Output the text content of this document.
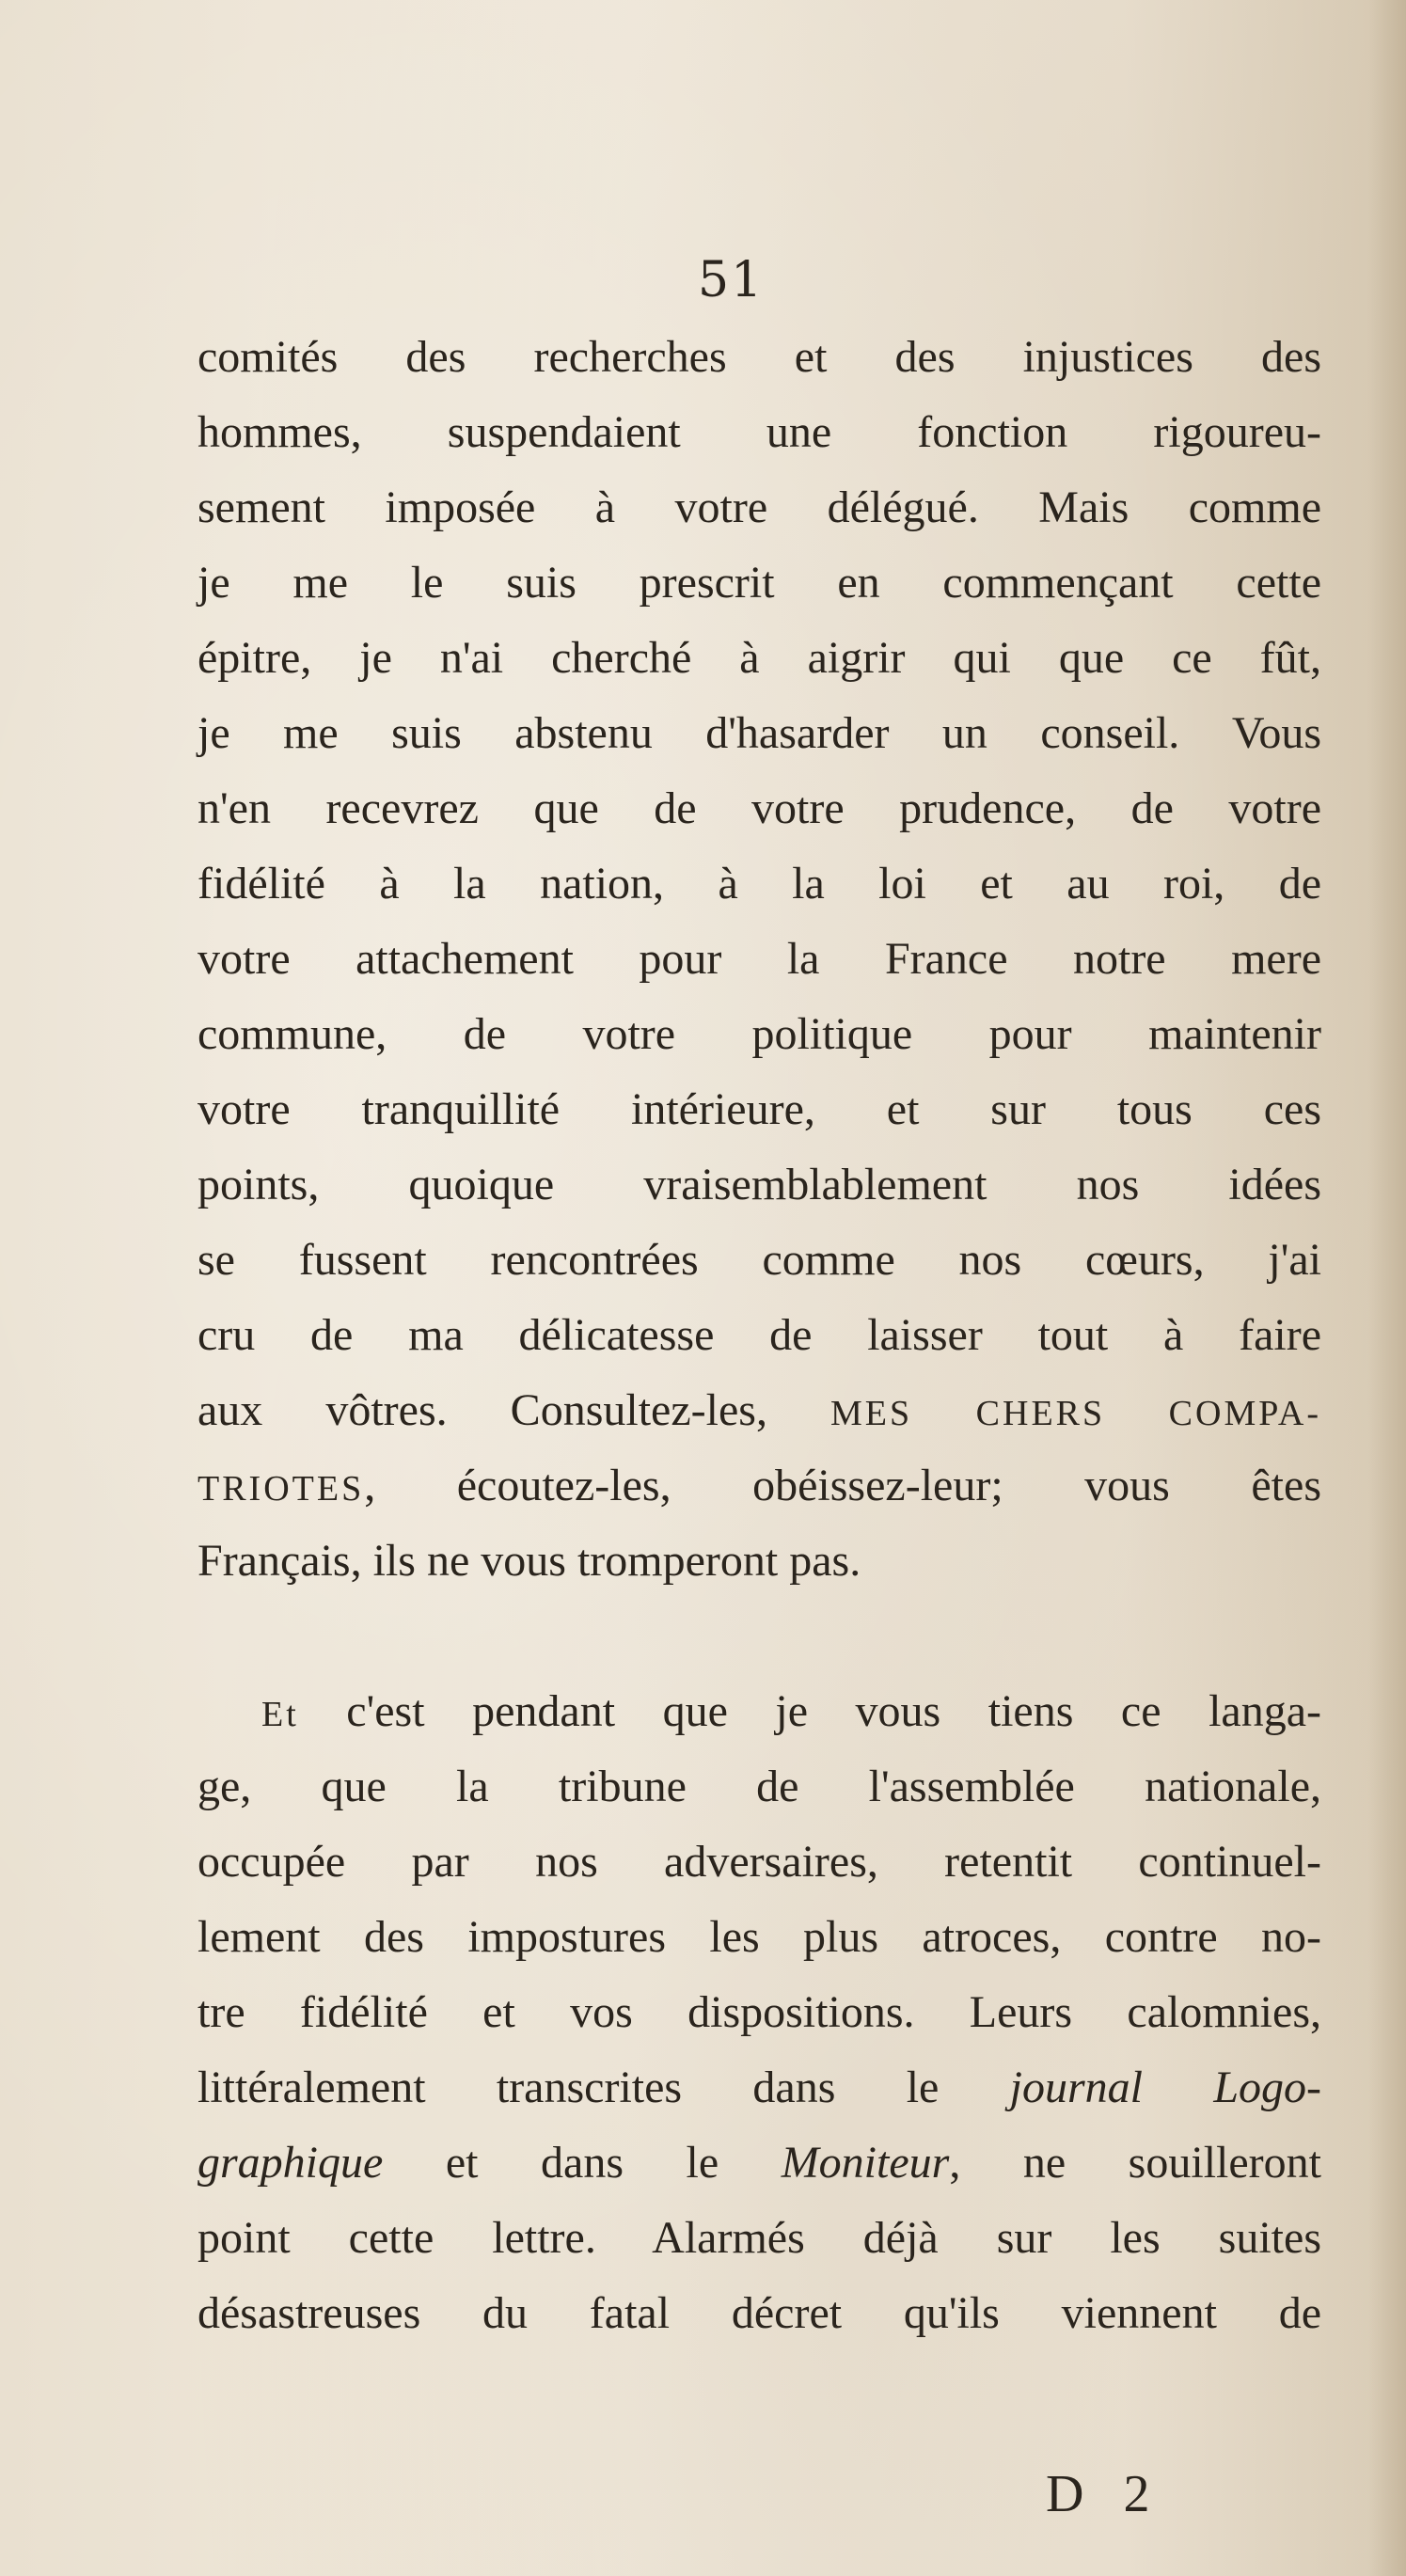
51
comités des recherches et des injustices des
hommes, suspendaient une fonction rigoureu-
sement imposée à votre délégué. Mais comme
je me le suis prescrit en commençant cette
épitre, je n'ai cherché à aigrir qui que ce fût,
je me suis abstenu d'hasarder un conseil. Vous
n'en recevrez que de votre prudence, de votre
fidélité à la nation, à la loi et au roi, de
votre attachement pour la France notre mere
commune, de votre politique pour maintenir
votre tranquillité intérieure, et sur tous ces
points, quoique vraisemblablement nos idées
se fussent rencontrées comme nos cœurs, j'ai
cru de ma délicatesse de laisser tout à faire
aux vôtres. Consultez-les, MES CHERS COMPA-
TRIOTES, écoutez-les, obéissez-leur; vous êtes
Français, ils ne vous tromperont pas.
Et c'est pendant que je vous tiens ce langa-
ge, que la tribune de l'assemblée nationale,
occupée par nos adversaires, retentit continuel-
lement des impostures les plus atroces, contre no-
tre fidélité et vos dispositions. Leurs calomnies,
littéralement transcrites dans le journal Logo-
graphique et dans le Moniteur, ne souilleront
point cette lettre. Alarmés déjà sur les suites
désastreuses du fatal décret qu'ils viennent de
D 2
